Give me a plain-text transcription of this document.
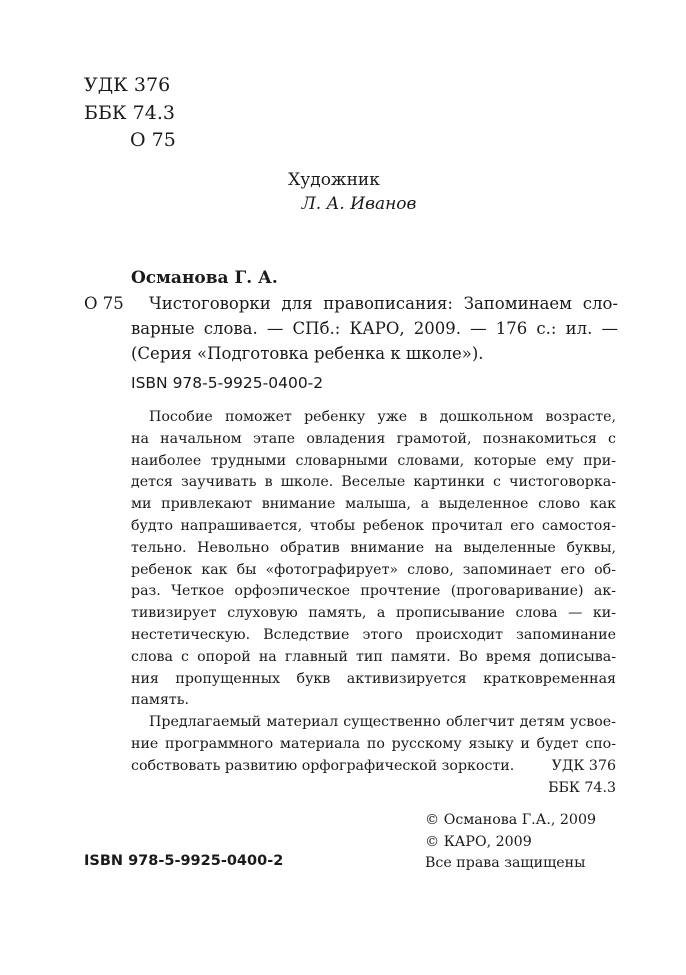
УДК 376
ББК 74.3
О 75
Художник
Л. А. Иванов
Османова Г. А.
О 75	Чистоговорки для правописания: Запоминаем сло-
варные слова. — СПб.: КАРО, 2009. — 176 с.: ил. —
(Серия «Подготовка ребенка к школе»).
ISBN 978-5-9925-0400-2
Пособие поможет ребенку уже в дошкольном возрасте,
на начальном этапе овладения грамотой, познакомиться с
наиболее трудными словарными словами, которые ему при-
дется заучивать в школе. Веселые картинки с чистоговорка-
ми привлекают внимание малыша, а выделенное слово как
будто напрашивается, чтобы ребенок прочитал его самостоя-
тельно. Невольно обратив внимание на выделенные буквы,
ребенок как бы «фотографирует» слово, запоминает его об-
раз. Четкое орфоэпическое прочтение (проговаривание) ак-
тивизирует слуховую память, а прописывание слова — ки-
нестетическую. Вследствие этого происходит запоминание
слова с опорой на главный тип памяти. Во время дописыва-
ния пропущенных букв активизируется кратковременная
память.
Предлагаемый материал существенно облегчит детям усвое-
ние программного материала по русскому языку и будет спо-
собствовать развитию орфографической зоркости.	УДК 376
ББК 74.3
© Османова Г.А., 2009
© КАРО, 2009
Все права защищены
ISBN 978-5-9925-0400-2
